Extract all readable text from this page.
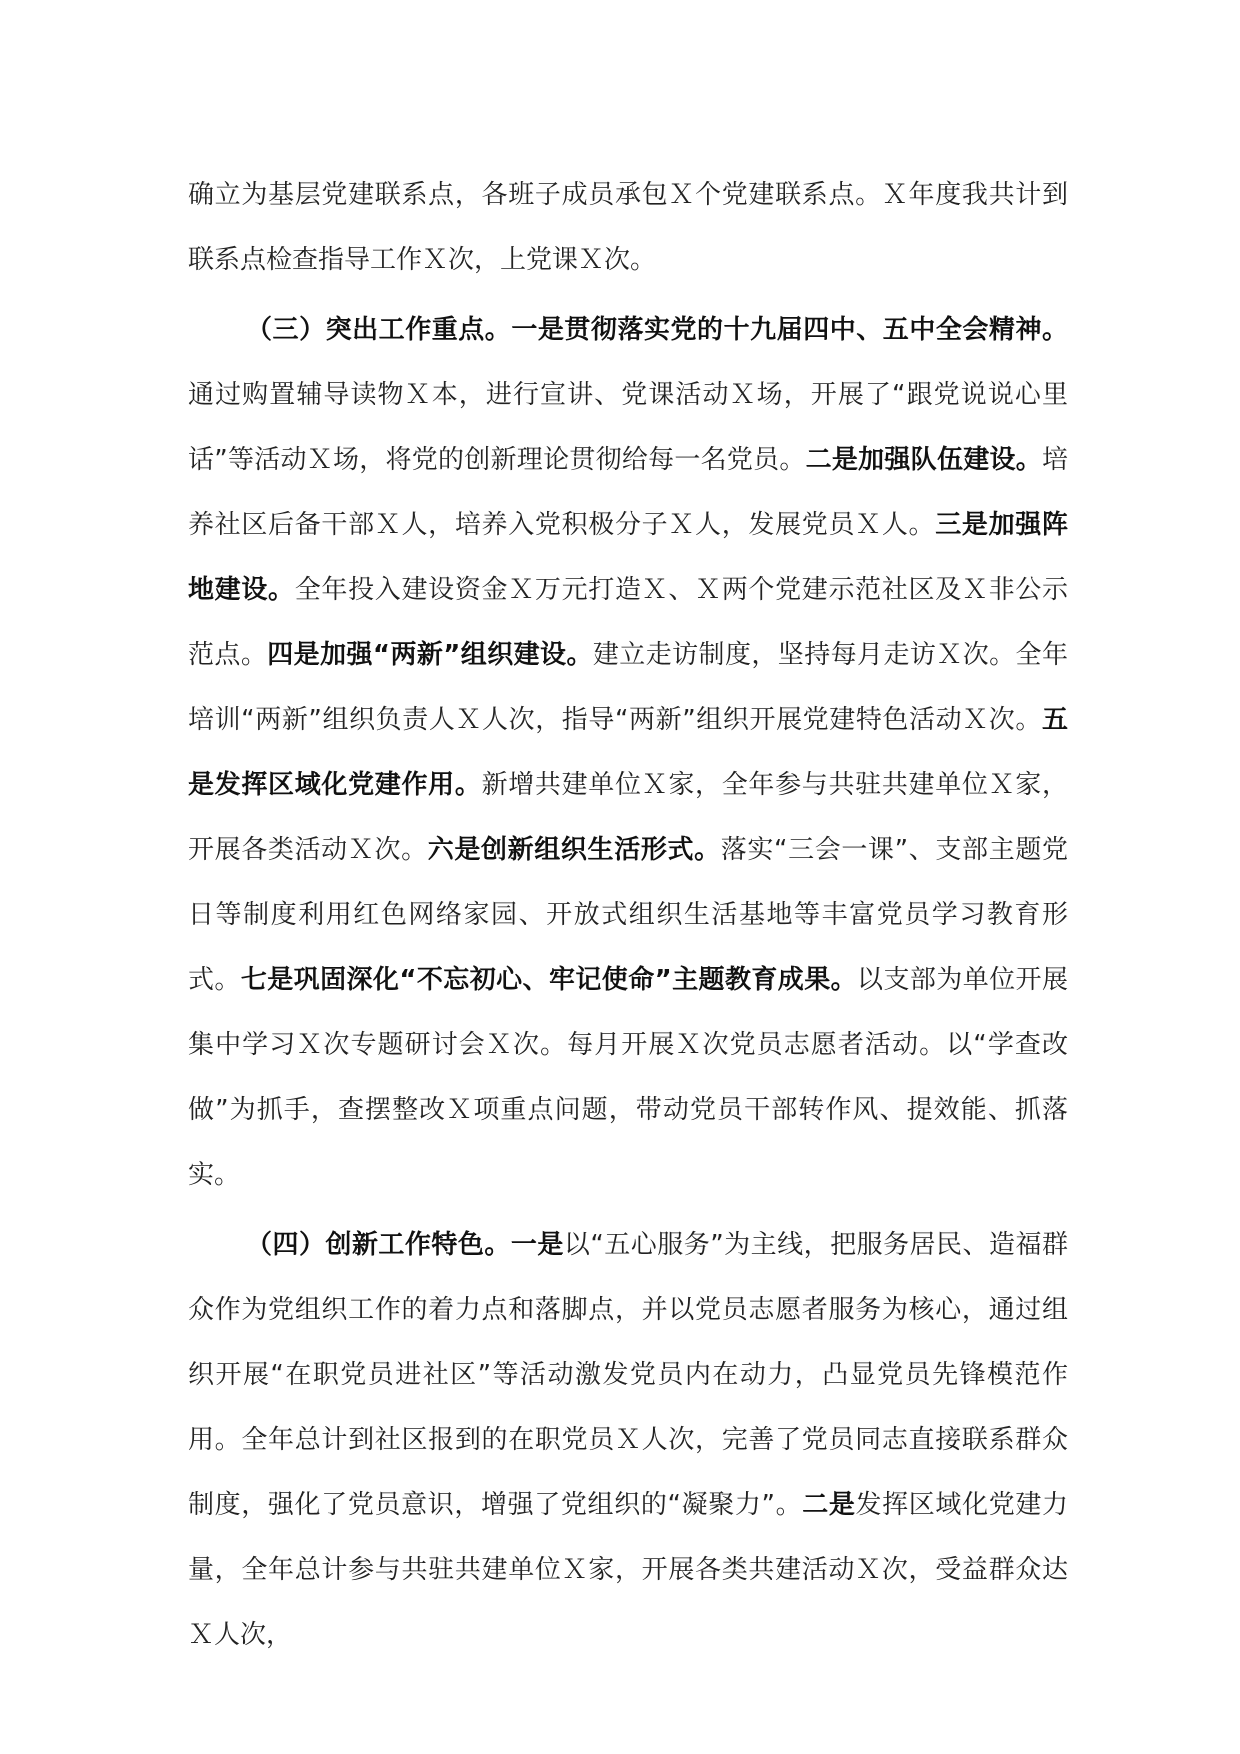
确立为基层党建联系点，各班子成员承包Ｘ个党建联系点。Ｘ年度我共计到联系点检查指导工作Ｘ次，上党课Ｘ次。

（三）突出工作重点。一是贯彻落实党的十九届四中、五中全会精神。通过购置辅导读物Ｘ本，进行宣讲、党课活动Ｘ场，开展了“跟党说说心里话”等活动Ｘ场，将党的创新理论贯彻给每一名党员。二是加强队伍建设。培养社区后备干部Ｘ人，培养入党积极分子Ｘ人，发展党员Ｘ人。三是加强阵地建设。全年投入建设资金Ｘ万元打造Ｘ、Ｘ两个党建示范社区及Ｘ非公示范点。四是加强“两新”组织建设。建立走访制度，坚持每月走访Ｘ次。全年培训“两新”组织负责人Ｘ人次，指导“两新”组织开展党建特色活动Ｘ次。五是发挥区域化党建作用。新增共建单位Ｘ家，全年参与共驻共建单位Ｘ家，开展各类活动Ｘ次。六是创新组织生活形式。落实“三会一课”、支部主题党日等制度利用红色网络家园、开放式组织生活基地等丰富党员学习教育形式。七是巩固深化“不忘初心、牢记使命”主题教育成果。以支部为单位开展集中学习Ｘ次专题研讨会Ｘ次。每月开展Ｘ次党员志愿者活动。以“学查改做”为抓手，查摆整改Ｘ项重点问题，带动党员干部转作风、提效能、抓落实。

（四）创新工作特色。一是以“五心服务”为主线，把服务居民、造福群众作为党组织工作的着力点和落脚点，并以党员志愿者服务为核心，通过组织开展“在职党员进社区”等活动激发党员内在动力，凸显党员先锋模范作用。全年总计到社区报到的在职党员Ｘ人次，完善了党员同志直接联系群众制度，强化了党员意识，增强了党组织的“凝聚力”。二是发挥区域化党建力量，全年总计参与共驻共建单位Ｘ家，开展各类共建活动Ｘ次，受益群众达Ｘ人次，
